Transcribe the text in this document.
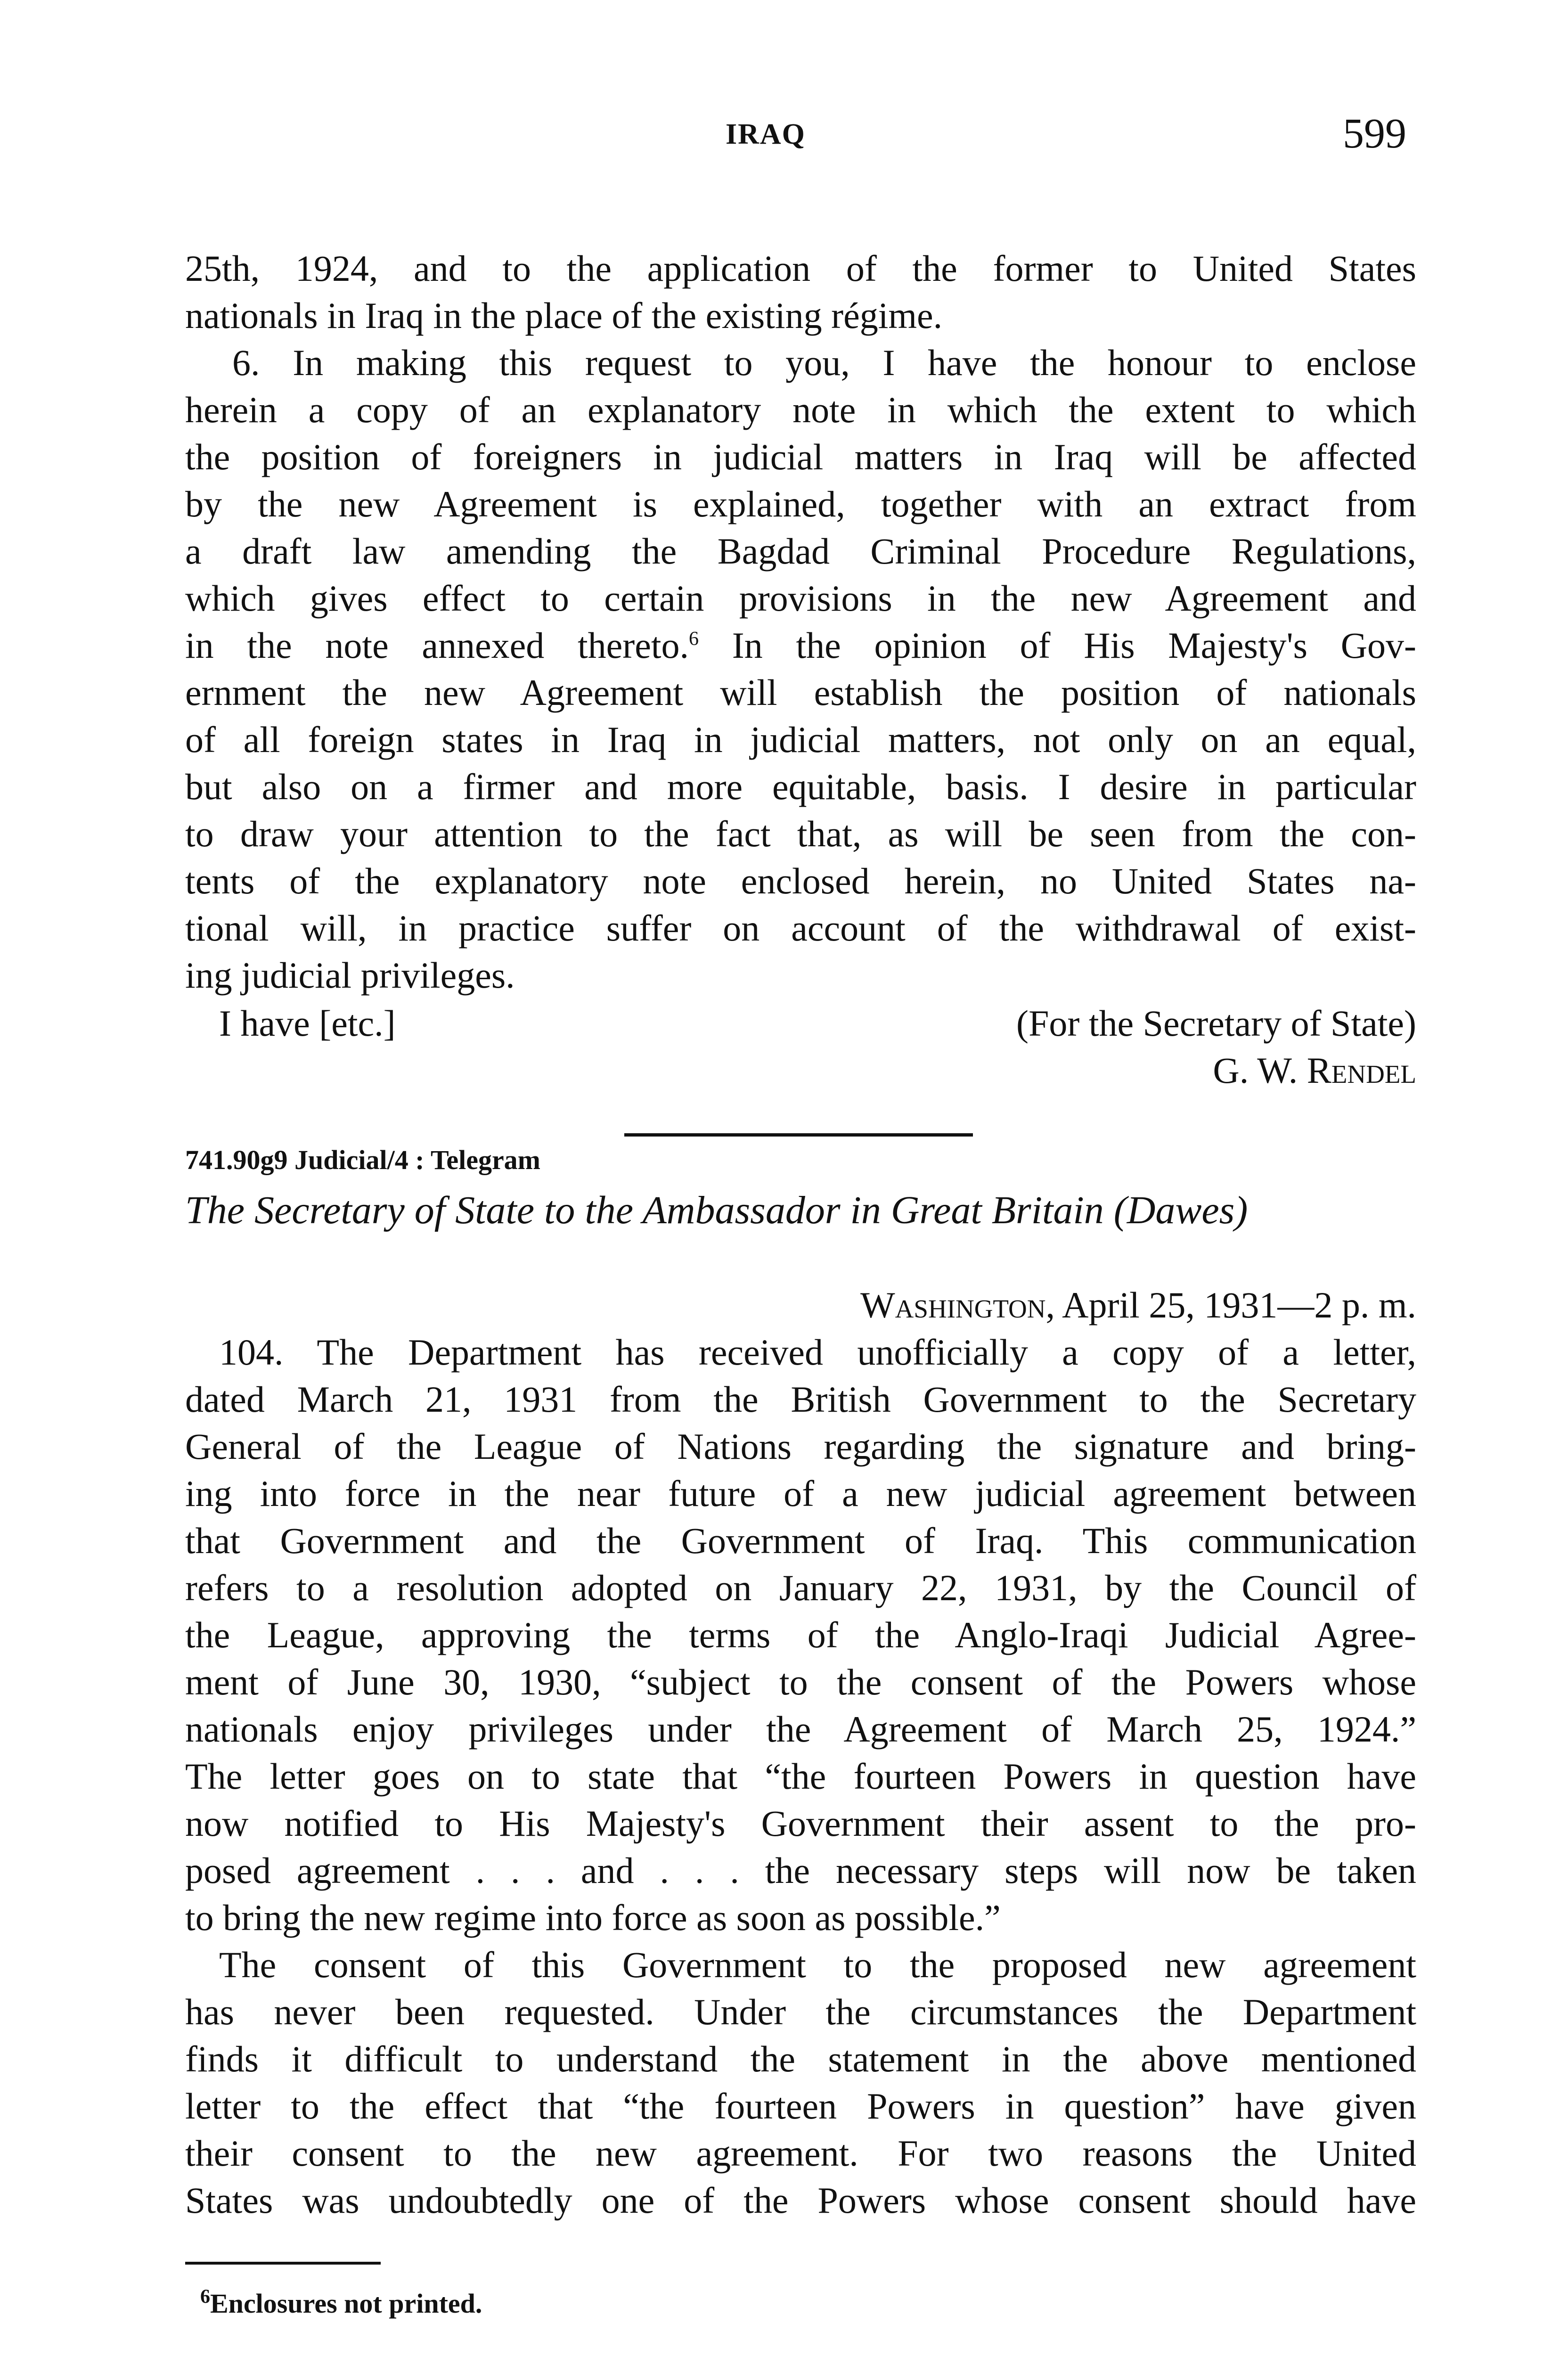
IRAQ	599
25th, 1924, and to the application of the former to United States
nationals in Iraq in the place of the existing régime.
6. In making this request to you, I have the honour to enclose
herein a copy of an explanatory note in which the extent to which
the position of foreigners in judicial matters in Iraq will be affected
by the new Agreement is explained, together with an extract from
a draft law amending the Bagdad Criminal Procedure Regulations,
which gives effect to certain provisions in the new Agreement and
in the note annexed thereto.$^6$ In the opinion of His Majesty's Gov-
ernment the new Agreement will establish the position of nationals
of all foreign states in Iraq in judicial matters, not only on an equal,
but also on a firmer and more equitable, basis. I desire in particular
to draw your attention to the fact that, as will be seen from the con-
tents of the explanatory note enclosed herein, no United States na-
tional will, in practice suffer on account of the withdrawal of exist-
ing judicial privileges.
I have [etc.]	(For the Secretary of State)
G. W. Rendel
741.90g9 Judicial/4 : Telegram
The Secretary of State to the Ambassador in Great Britain (Dawes)
Washington, April 25, 1931—2 p. m.
104. The Department has received unofficially a copy of a letter,
dated March 21, 1931 from the British Government to the Secretary
General of the League of Nations regarding the signature and bring-
ing into force in the near future of a new judicial agreement between
that Government and the Government of Iraq. This communication
refers to a resolution adopted on January 22, 1931, by the Council of
the League, approving the terms of the Anglo-Iraqi Judicial Agree-
ment of June 30, 1930, “subject to the consent of the Powers whose
nationals enjoy privileges under the Agreement of March 25, 1924.”
The letter goes on to state that “the fourteen Powers in question have
now notified to His Majesty's Government their assent to the pro-
posed agreement . . . and . . . the necessary steps will now be taken
to bring the new regime into force as soon as possible.”
The consent of this Government to the proposed new agreement
has never been requested. Under the circumstances the Department
finds it difficult to understand the statement in the above mentioned
letter to the effect that “the fourteen Powers in question” have given
their consent to the new agreement. For two reasons the United
States was undoubtedly one of the Powers whose consent should have
$^6$Enclosures not printed.
